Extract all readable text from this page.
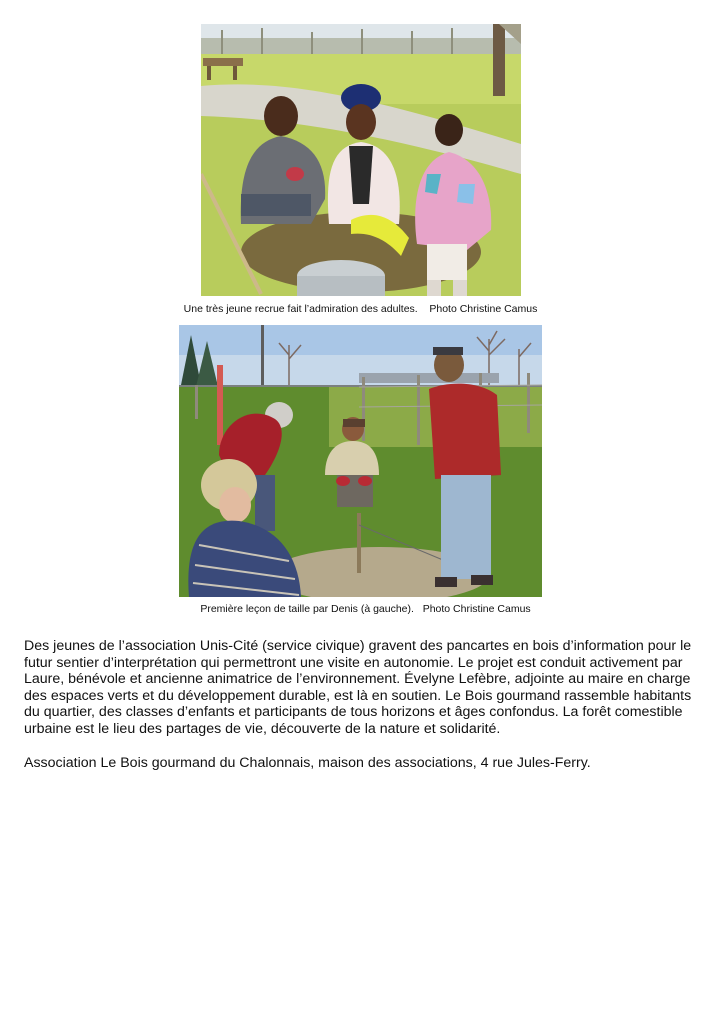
Une très jeune recrue fait l’admiration des adultes.    Photo Christine Camus
Première leçon de taille par Denis (à gauche).   Photo Christine Camus

Des jeunes de l’association Unis-Cité (service civique) gravent des pancartes en bois d’information pour le futur sentier d’interprétation qui permettront une visite en autonomie. Le projet est conduit activement par Laure, bénévole et ancienne animatrice de l’environnement. Évelyne Lefèbre, adjointe au maire en charge des espaces verts et du développement durable, est là en soutien. Le Bois gourmand rassemble habitants du quartier, des classes d’enfants et participants de tous horizons et âges confondus. La forêt comestible urbaine est le lieu des partages de vie, découverte de la nature et solidarité.

Association Le Bois gourmand du Chalonnais, maison des associations, 4 rue Jules-Ferry.
